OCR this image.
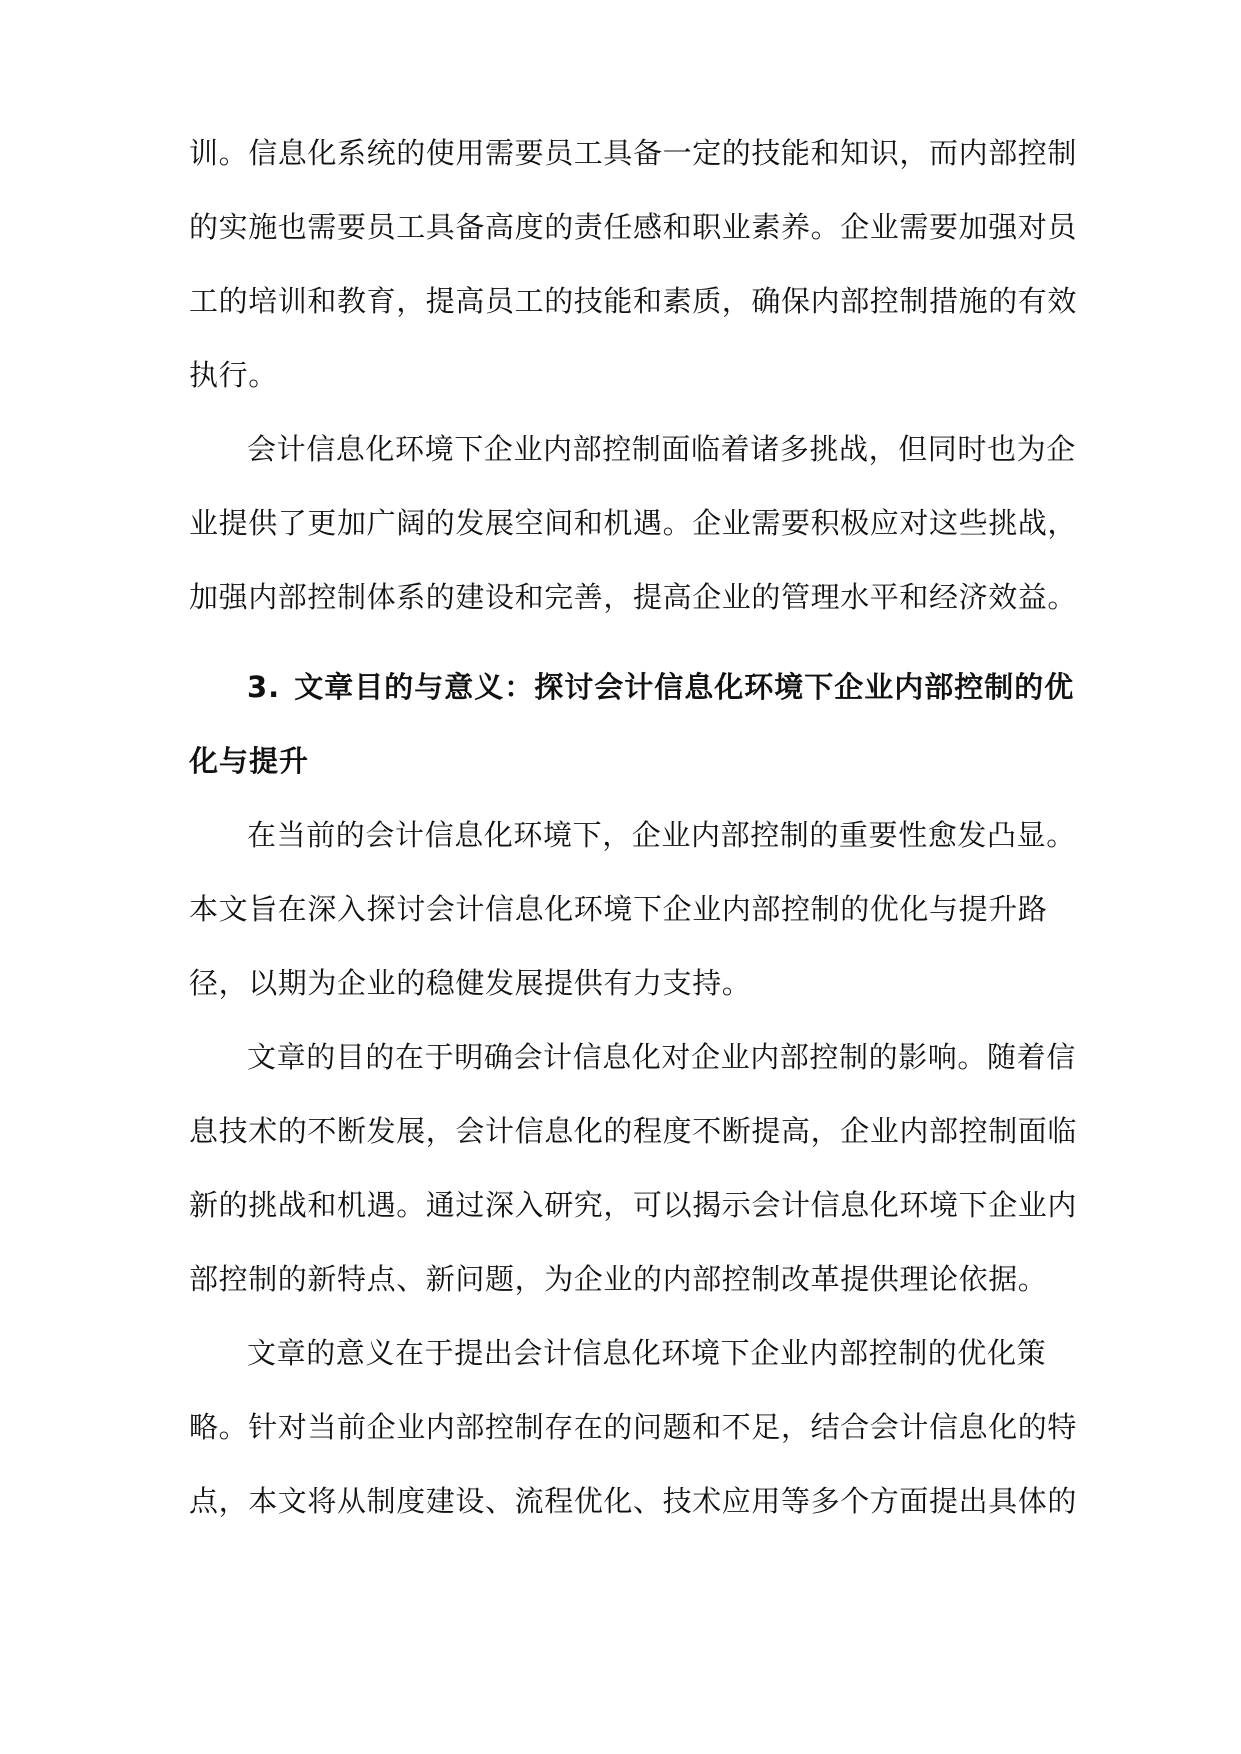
训。信息化系统的使用需要员工具备一定的技能和知识，而内部控制
的实施也需要员工具备高度的责任感和职业素养。企业需要加强对员
工的培训和教育，提高员工的技能和素质，确保内部控制措施的有效
执行。
会计信息化环境下企业内部控制面临着诸多挑战，但同时也为企
业提供了更加广阔的发展空间和机遇。企业需要积极应对这些挑战，
加强内部控制体系的建设和完善，提高企业的管理水平和经济效益。
3. 文章目的与意义：探讨会计信息化环境下企业内部控制的优
化与提升
在当前的会计信息化环境下，企业内部控制的重要性愈发凸显。
本文旨在深入探讨会计信息化环境下企业内部控制的优化与提升路
径，以期为企业的稳健发展提供有力支持。
文章的目的在于明确会计信息化对企业内部控制的影响。随着信
息技术的不断发展，会计信息化的程度不断提高，企业内部控制面临
新的挑战和机遇。通过深入研究，可以揭示会计信息化环境下企业内
部控制的新特点、新问题，为企业的内部控制改革提供理论依据。
文章的意义在于提出会计信息化环境下企业内部控制的优化策
略。针对当前企业内部控制存在的问题和不足，结合会计信息化的特
点，本文将从制度建设、流程优化、技术应用等多个方面提出具体的
